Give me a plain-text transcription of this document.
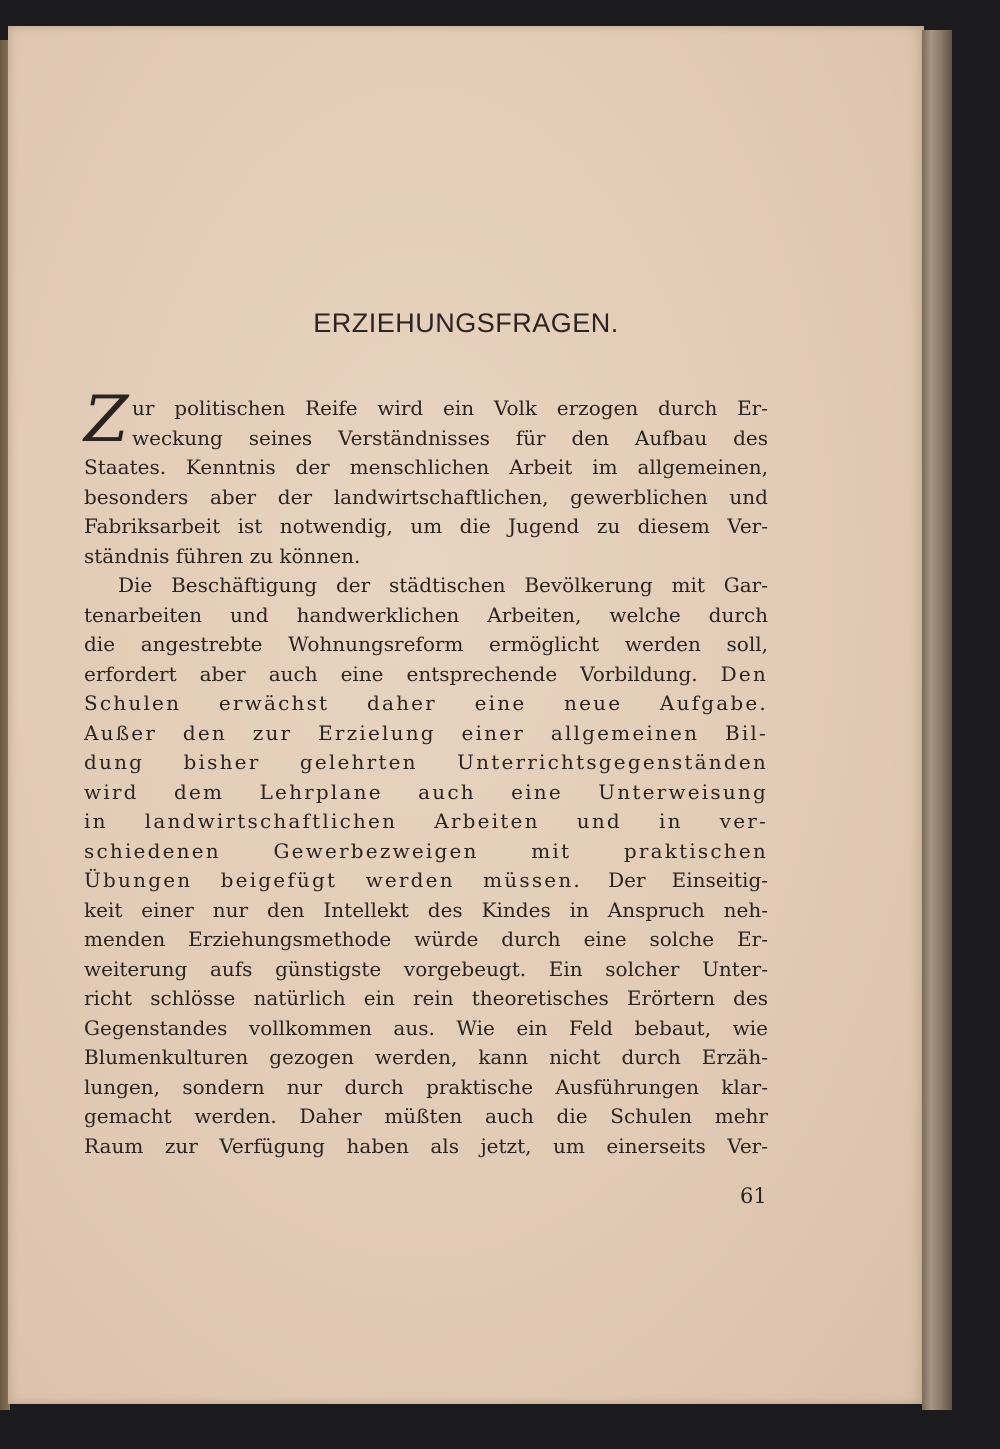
ERZIEHUNGSFRAGEN.
Z ur politischen Reife wird ein Volk erzogen durch Er-
weckung seines Verständnisses für den Aufbau des
Staates. Kenntnis der menschlichen Arbeit im allgemeinen,
besonders aber der landwirtschaftlichen, gewerblichen und
Fabriksarbeit ist notwendig, um die Jugend zu diesem Ver-
ständnis führen zu können.
Die Beschäftigung der städtischen Bevölkerung mit Gar-
tenarbeiten und handwerklichen Arbeiten, welche durch
die angestrebte Wohnungsreform ermöglicht werden soll,
erfordert aber auch eine entsprechende Vorbildung. Den
Schulen erwächst daher eine neue Aufgabe.
Außer den zur Erzielung einer allgemeinen Bil-
dung bisher gelehrten Unterrichtsgegenständen
wird dem Lehrplane auch eine Unterweisung
in landwirtschaftlichen Arbeiten und in ver-
schiedenen Gewerbezweigen mit praktischen
Übungen beigefügt werden müssen. Der Einseitig-
keit einer nur den Intellekt des Kindes in Anspruch neh-
menden Erziehungsmethode würde durch eine solche Er-
weiterung aufs günstigste vorgebeugt. Ein solcher Unter-
richt schlösse natürlich ein rein theoretisches Erörtern des
Gegenstandes vollkommen aus. Wie ein Feld bebaut, wie
Blumenkulturen gezogen werden, kann nicht durch Erzäh-
lungen, sondern nur durch praktische Ausführungen klar-
gemacht werden. Daher müßten auch die Schulen mehr
Raum zur Verfügung haben als jetzt, um einerseits Ver-
61
